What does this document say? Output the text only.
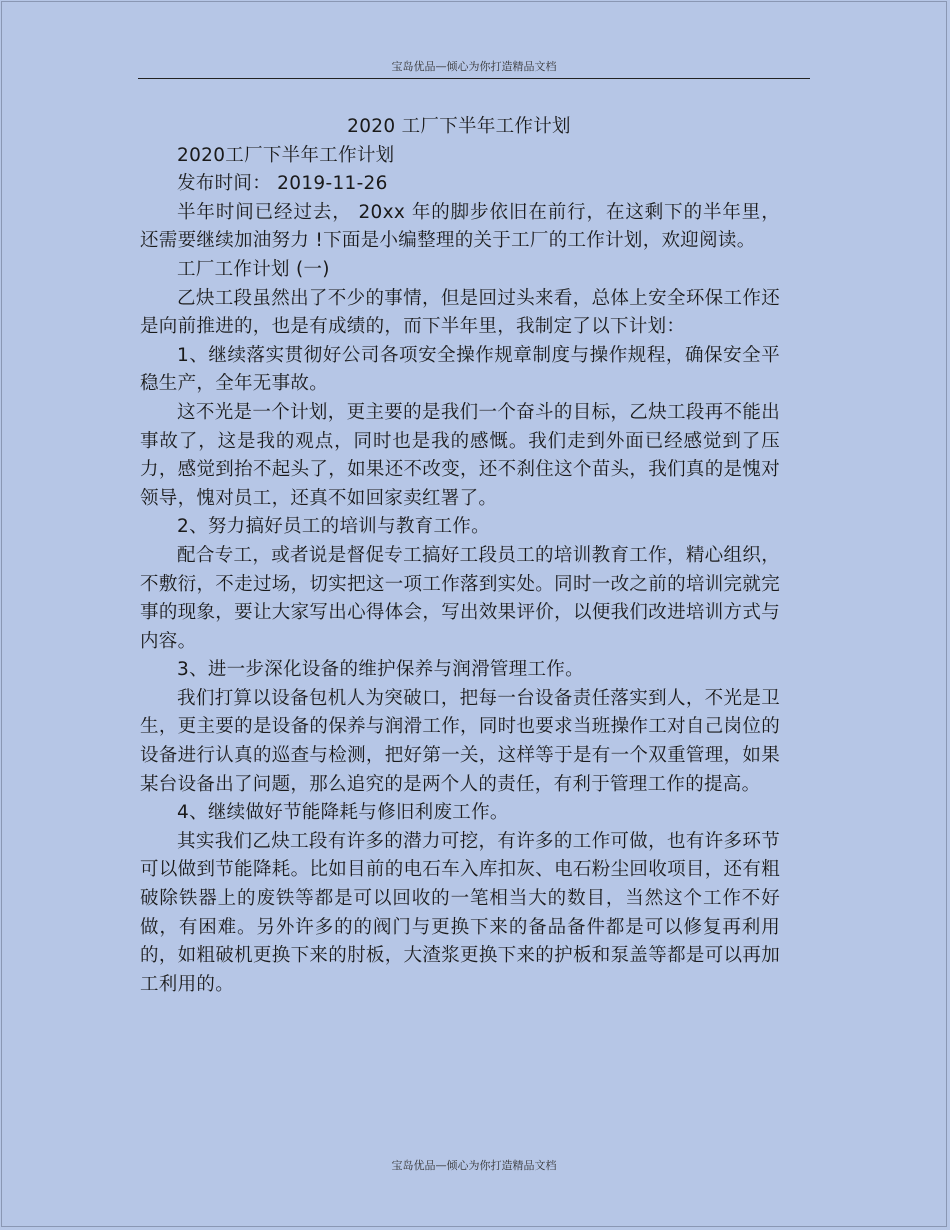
宝岛优品—倾心为你打造精品文档
2020 工厂下半年工作计划

2020工厂下半年工作计划

发布时间： 2019-11-26

半年时间已经过去， 20xx 年的脚步依旧在前行，在这剩下的半年里，还需要继续加油努力 !下面是小编整理的关于工厂的工作计划，欢迎阅读。

工厂工作计划 (一)

乙炔工段虽然出了不少的事情，但是回过头来看，总体上安全环保工作还是向前推进的，也是有成绩的，而下半年里，我制定了以下计划：

1、继续落实贯彻好公司各项安全操作规章制度与操作规程，确保安全平稳生产，全年无事故。

这不光是一个计划，更主要的是我们一个奋斗的目标，乙炔工段再不能出事故了，这是我的观点，同时也是我的感慨。我们走到外面已经感觉到了压力，感觉到抬不起头了，如果还不改变，还不刹住这个苗头，我们真的是愧对领导，愧对员工，还真不如回家卖红署了。

2、努力搞好员工的培训与教育工作。

配合专工，或者说是督促专工搞好工段员工的培训教育工作，精心组织，不敷衍，不走过场，切实把这一项工作落到实处。同时一改之前的培训完就完事的现象，要让大家写出心得体会，写出效果评价，以便我们改进培训方式与内容。

3、进一步深化设备的维护保养与润滑管理工作。

我们打算以设备包机人为突破口，把每一台设备责任落实到人，不光是卫生，更主要的是设备的保养与润滑工作，同时也要求当班操作工对自己岗位的设备进行认真的巡查与检测，把好第一关，这样等于是有一个双重管理，如果某台设备出了问题，那么追究的是两个人的责任，有利于管理工作的提高。

4、继续做好节能降耗与修旧利废工作。

其实我们乙炔工段有许多的潜力可挖，有许多的工作可做，也有许多环节可以做到节能降耗。比如目前的电石车入库扣灰、电石粉尘回收项目，还有粗破除铁器上的废铁等都是可以回收的一笔相当大的数目，当然这个工作不好做，有困难。另外许多的的阀门与更换下来的备品备件都是可以修复再利用的，如粗破机更换下来的肘板，大渣浆更换下来的护板和泵盖等都是可以再加工利用的。

宝岛优品—倾心为你打造精品文档
